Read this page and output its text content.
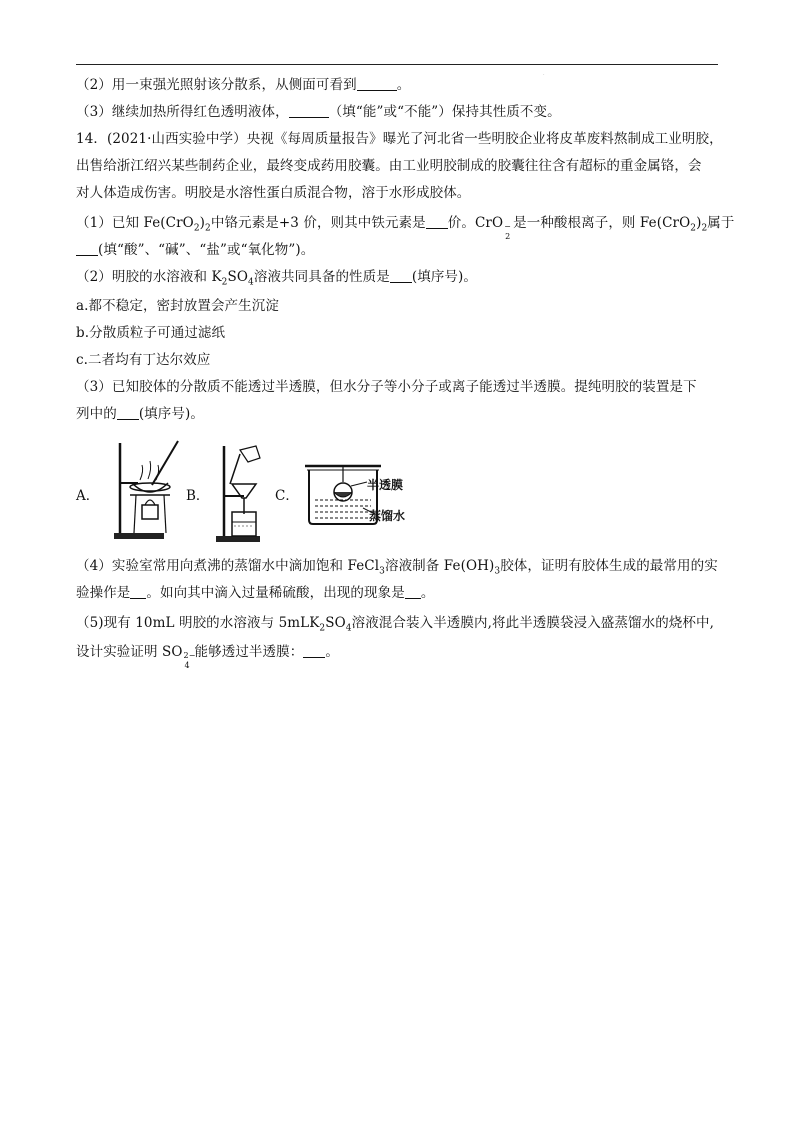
·
（2）用一束强光照射该分散系，从侧面可看到	。
（3）继续加热所得红色透明液体，	（填“能”或“不能”）保持其性质不变。
14．(2021·山西实验中学）央视《每周质量报告》曝光了河北省一些明胶企业将皮革废料熬制成工业明胶，
出售给浙江绍兴某些制药企业，最终变成药用胶囊。由工业明胶制成的胶囊往往含有超标的重金属铬，会
对人体造成伤害。明胶是水溶性蛋白质混合物，溶于水形成胶体。
（1）已知 $Fe(CrO_2)_2$中铬元素是+3 价，则其中铁元素是 价。CrO −
2
是一种酸根离子，则 $Fe(CrO_2)_2$属于
(填“酸”、“碱”、“盐”或“氧化物”)。
（2）明胶的水溶液和 $K_2SO_4$溶液共同具备的性质是 (填序号)。
a.都不稳定，密封放置会产生沉淀
b.分散质粒子可通过滤纸
c.二者均有丁达尔效应
（3）已知胶体的分散质不能透过半透膜，但水分子等小分子或离子能透过半透膜。提纯明胶的装置是下
列中的 (填序号)。
A．	B．	C．
半透膜
蒸馏水
（4）实验室常用向煮沸的蒸馏水中滴加饱和 FeCl$_3$溶液制备 $Fe(OH)_3$胶体，证明有胶体生成的最常用的实
验操作是 。如向其中滴入过量稀硫酸，出现的现象是 。
（5)现有 10mL 明胶的水溶液与 $5mLK_2SO_4$溶液混合装入半透膜内,将此半透膜袋浸入盛蒸馏水的烧杯中,
设计实验证明 SO 2−
4
能够透过半透膜： 。
